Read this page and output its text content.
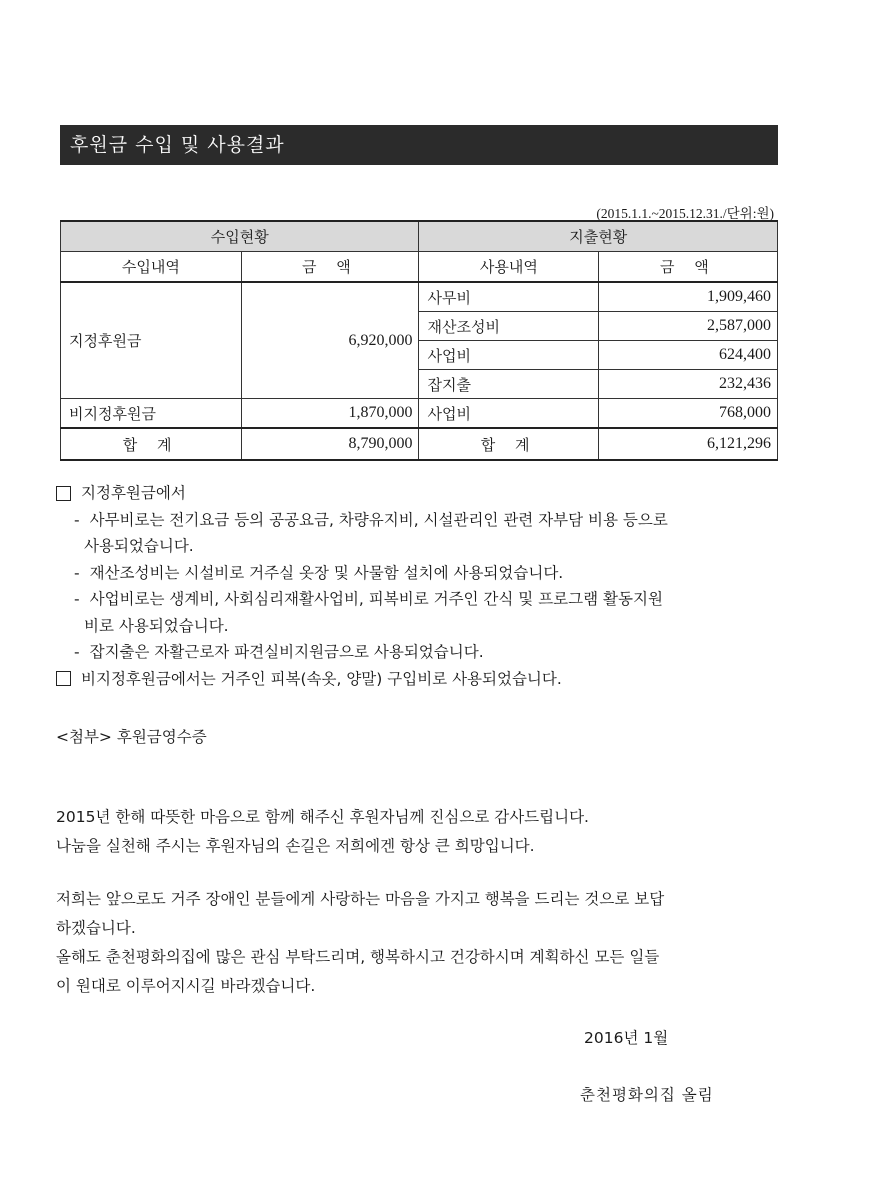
후원금 수입 및 사용결과
(2015.1.1.~2015.12.31./단위:원)
수입현황		지출현황	
수입내역	금 액	사용내역	금 액
지정후원금	6,920,000	사무비	1,909,460
		재산조성비	2,587,000
		사업비	624,400
		잡지출	232,436
비지정후원금	1,870,000	사업비	768,000
합 계	8,790,000	합 계	6,121,296
지정후원금에서
- 사무비로는 전기요금 등의 공공요금, 차량유지비, 시설관리인 관련 자부담 비용 등으로
사용되었습니다.
- 재산조성비는 시설비로 거주실 옷장 및 사물함 설치에 사용되었습니다.
- 사업비로는 생계비, 사회심리재활사업비, 피복비로 거주인 간식 및 프로그램 활동지원
비로 사용되었습니다.
- 잡지출은 자활근로자 파견실비지원금으로 사용되었습니다.
비지정후원금에서는 거주인 피복(속옷, 양말) 구입비로 사용되었습니다.
<첨부> 후원금영수증
2015년 한해 따뜻한 마음으로 함께 해주신 후원자님께 진심으로 감사드립니다.
나눔을 실천해 주시는 후원자님의 손길은 저희에겐 항상 큰 희망입니다.
저희는 앞으로도 거주 장애인 분들에게 사랑하는 마음을 가지고 행복을 드리는 것으로 보답
하겠습니다.
올해도 춘천평화의집에 많은 관심 부탁드리며, 행복하시고 건강하시며 계획하신 모든 일들
이 원대로 이루어지시길 바라겠습니다.
2016년 1월
춘천평화의집 올림
